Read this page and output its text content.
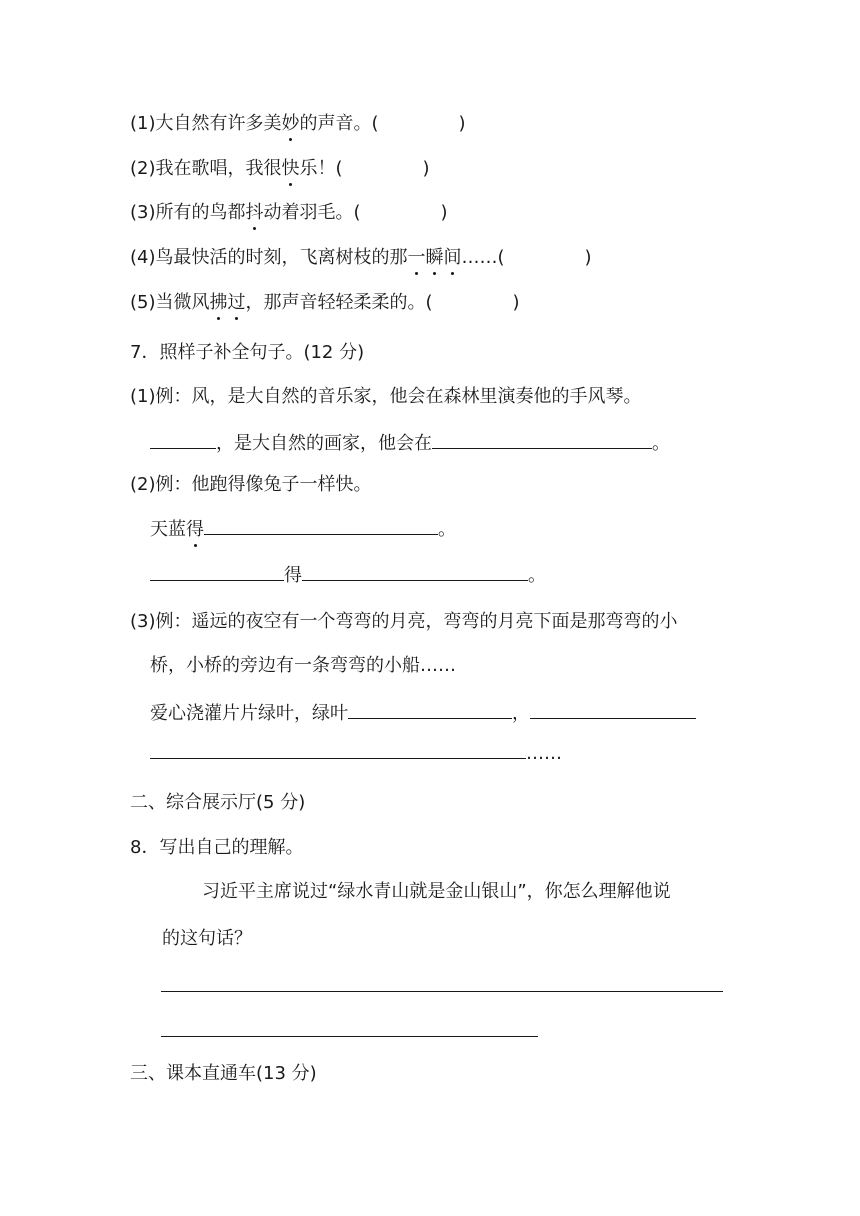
(1)大自然有许多美妙的声音。(	)
(2)我在歌唱，我很快乐！(	)
(3)所有的鸟都抖动着羽毛。(	)
(4)鸟最快活的时刻，飞离树枝的那一瞬间……(	)
(5)当微风拂过，那声音轻轻柔柔的。(	)
7．照样子补全句子。(12 分)
(1)例：风，是大自然的音乐家，他会在森林里演奏他的手风琴。
，是大自然的画家，他会在	。
(2)例：他跑得像兔子一样快。
天蓝得	。
得	。
(3)例：遥远的夜空有一个弯弯的月亮，弯弯的月亮下面是那弯弯的小
桥，小桥的旁边有一条弯弯的小船……
爱心浇灌片片绿叶，绿叶	，
……
二、综合展示厅(5 分)
8．写出自己的理解。
习近平主席说过“绿水青山就是金山银山”，你怎么理解他说
的这句话？
三、课本直通车(13 分)
